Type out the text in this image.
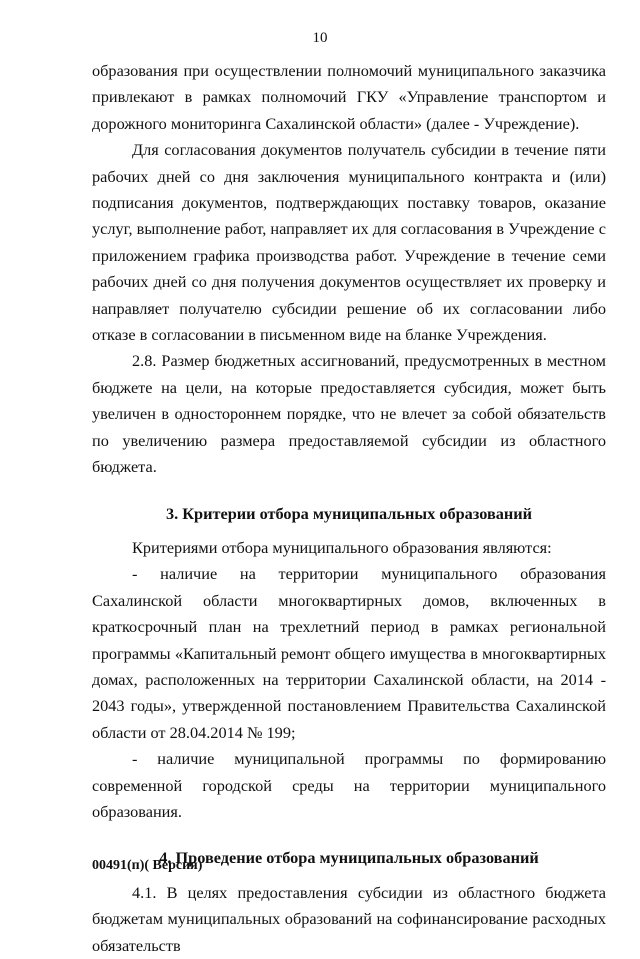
10

образования при осуществлении полномочий муниципального заказчика привлекают в рамках полномочий ГКУ «Управление транспортом и дорожного мониторинга Сахалинской области» (далее - Учреждение).

Для согласования документов получатель субсидии в течение пяти рабочих дней со дня заключения муниципального контракта и (или) подписания документов, подтверждающих поставку товаров, оказание услуг, выполнение работ, направляет их для согласования в Учреждение с приложением графика производства работ. Учреждение в течение семи рабочих дней со дня получения документов осуществляет их проверку и направляет получателю субсидии решение об их согласовании либо отказе в согласовании в письменном виде на бланке Учреждения.

2.8. Размер бюджетных ассигнований, предусмотренных в местном бюджете на цели, на которые предоставляется субсидия, может быть увеличен в одностороннем порядке, что не влечет за собой обязательств по увеличению размера предоставляемой субсидии из областного бюджета.

3. Критерии отбора муниципальных образований

Критериями отбора муниципального образования являются:

- наличие на территории муниципального образования Сахалинской области многоквартирных домов, включенных в краткосрочный план на трехлетний период в рамках региональной программы «Капитальный ремонт общего имущества в многоквартирных домах, расположенных на территории Сахалинской области, на 2014 - 2043 годы», утвержденной постановлением Правительства Сахалинской области от 28.04.2014 № 199;

- наличие муниципальной программы по формированию современной городской среды на территории муниципального образования.

4. Проведение отбора муниципальных образований

4.1. В целях предоставления субсидии из областного бюджета бюджетам муниципальных образований на софинансирование расходных обязательств

00491(п)( Версия)
